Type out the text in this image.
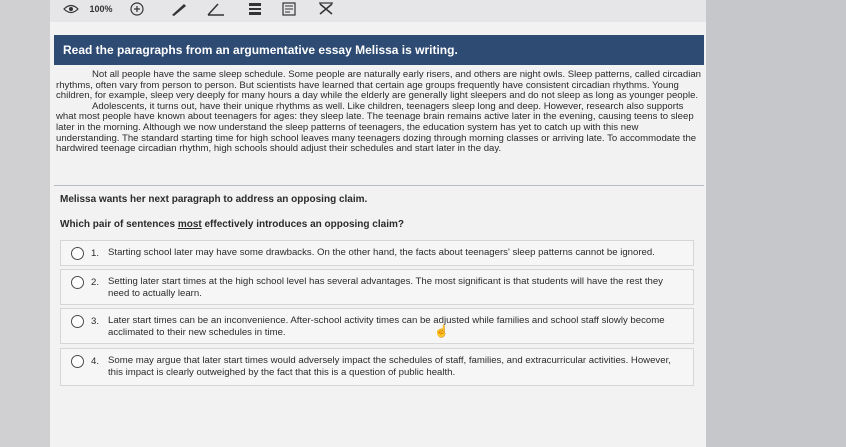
100%
Read the paragraphs from an argumentative essay Melissa is writing.

Not all people have the same sleep schedule. Some people are naturally early risers, and others are night owls. Sleep patterns, called circadian rhythms, often vary from person to person. But scientists have learned that certain age groups frequently have consistent circadian rhythms. Young children, for example, sleep very deeply for many hours a day while the elderly are generally light sleepers and do not sleep as long as younger people.

Adolescents, it turns out, have their unique rhythms as well. Like children, teenagers sleep long and deep. However, research also supports what most people have known about teenagers for ages: they sleep late. The teenage brain remains active later in the evening, causing teens to sleep later in the morning. Although we now understand the sleep patterns of teenagers, the education system has yet to catch up with this new understanding. The standard starting time for high school leaves many teenagers dozing through morning classes or arriving late. To accommodate the hardwired teenage circadian rhythm, high schools should adjust their schedules and start later in the day.

Melissa wants her next paragraph to address an opposing claim.
Which pair of sentences most effectively introduces an opposing claim?
1. Starting school later may have some drawbacks. On the other hand, the facts about teenagers' sleep patterns cannot be ignored.
2. Setting later start times at the high school level has several advantages. The most significant is that students will have the rest they need to actually learn.
3. Later start times can be an inconvenience. After-school activity times can be adjusted while families and school staff slowly become acclimated to their new schedules in time.
4. Some may argue that later start times would adversely impact the schedules of staff, families, and extracurricular activities. However, this impact is clearly outweighed by the fact that this is a question of public health.
☝
